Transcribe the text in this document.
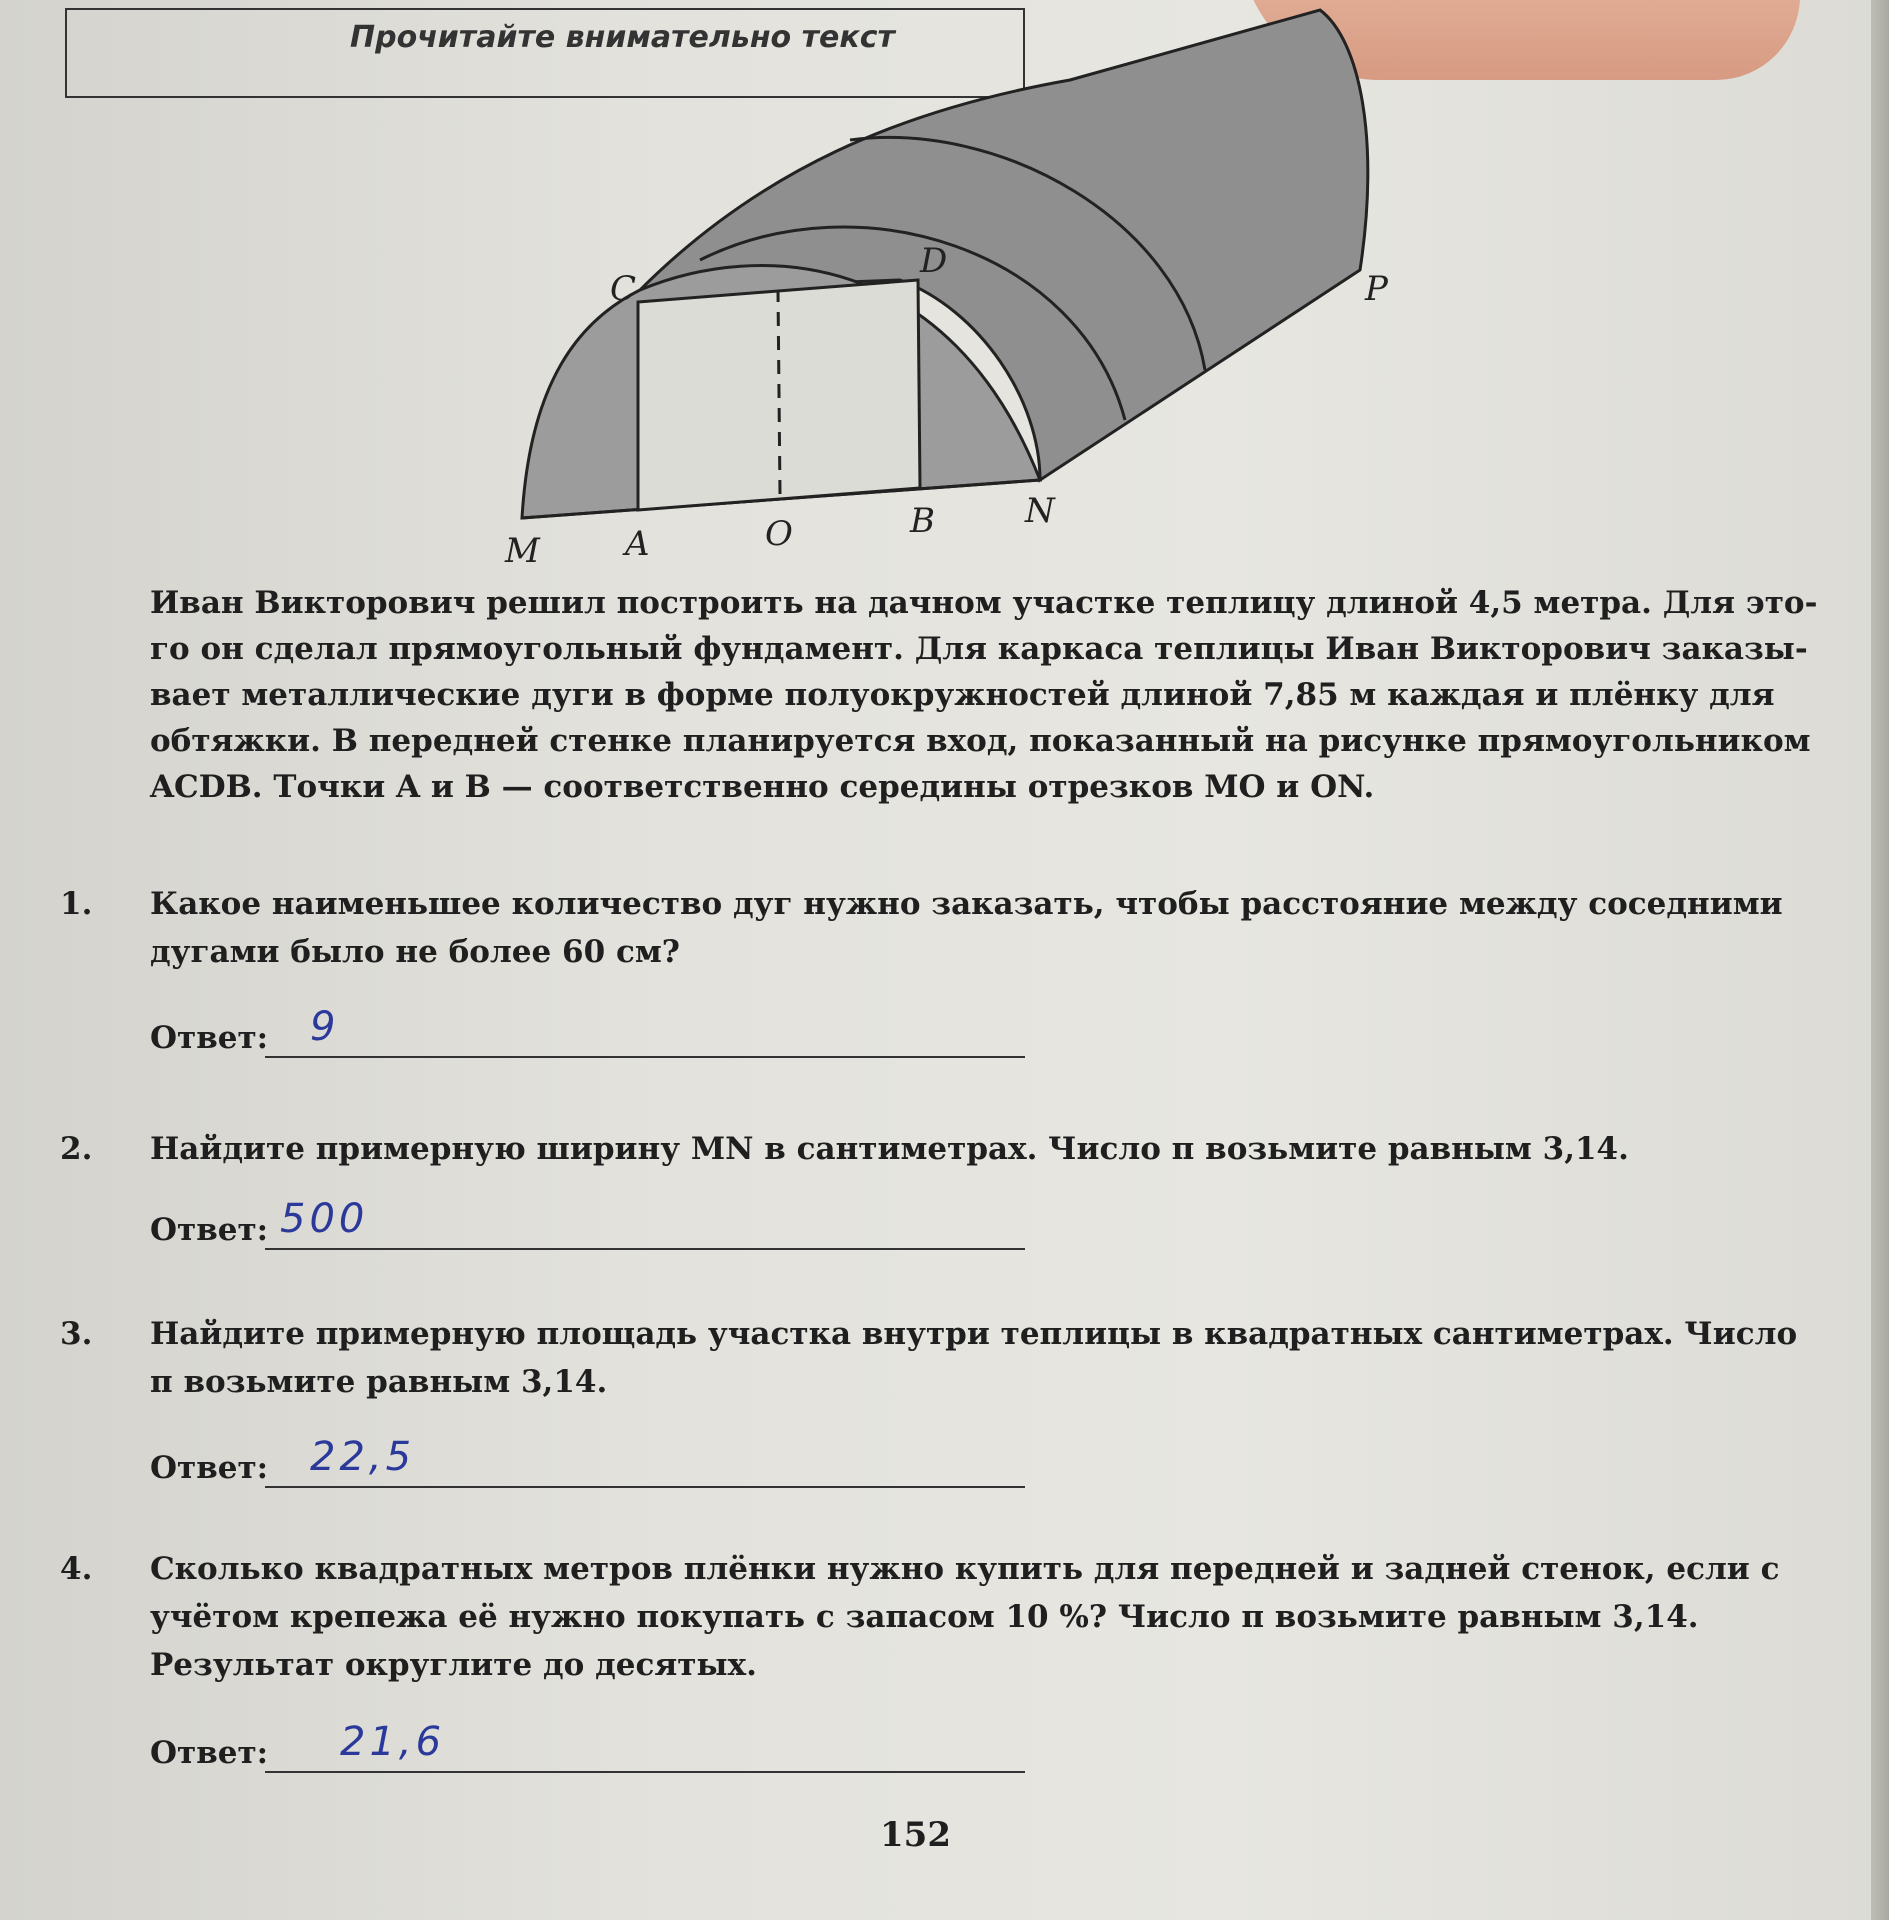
Прочитайте внимательно текст
C
D
P
M	A	O	B	N
Иван Викторович решил построить на дачном участке теплицу длиной 4,5 метра. Для это-
го он сделал прямоугольный фундамент. Для каркаса теплицы Иван Викторович заказы-
вает металлические дуги в форме полуокружностей длиной 7,85 м каждая и плёнку для
обтяжки. В передней стенке планируется вход, показанный на рисунке прямоугольником
ACDB. Точки A и B — соответственно середины отрезков MO и ON.
1. Какое наименьшее количество дуг нужно заказать, чтобы расстояние между соседними
дугами было не более 60 см?
Ответ: 9
2. Найдите примерную ширину MN в сантиметрах. Число π возьмите равным 3,14.
Ответ: 500
3. Найдите примерную площадь участка внутри теплицы в квадратных сантиметрах. Число
π возьмите равным 3,14.
Ответ: 22,5
4. Сколько квадратных метров плёнки нужно купить для передней и задней стенок, если с
учётом крепежа её нужно покупать с запасом 10 %? Число π возьмите равным 3,14.
Результат округлите до десятых.
Ответ: 21,6
152
